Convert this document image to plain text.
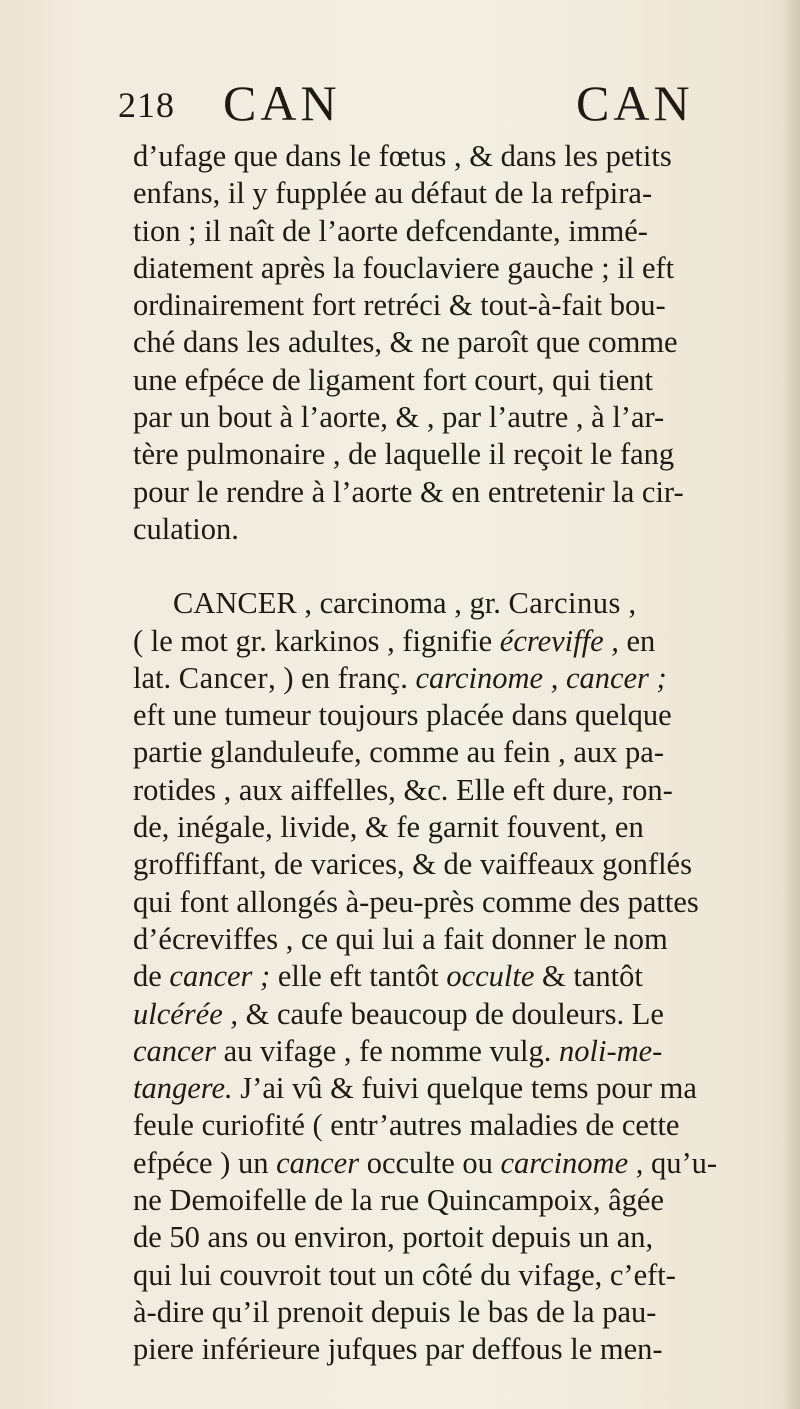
218 CAN	CAN
d’ufage que dans le fœtus , & dans les petits
enfans, il y fupplée au défaut de la refpira-
tion ; il naît de l’aorte defcendante, immé-
diatement après la fouclaviere gauche ; il eft
ordinairement fort retréci & tout-à-fait bou-
ché dans les adultes, & ne paroît que comme
une efpéce de ligament fort court, qui tient
par un bout à l’aorte, & , par l’autre , à l’ar-
tère pulmonaire , de laquelle il reçoit le fang
pour le rendre à l’aorte & en entretenir la cir-
culation.
CANCER , carcinoma , gr. Carcinus ,
( le mot gr. karkinos , fignifie écreviffe , en
lat. Cancer, ) en franç. carcinome , cancer ;
eft une tumeur toujours placée dans quelque
partie glanduleufe, comme au fein , aux pa-
rotides , aux aiffelles, &c. Elle eft dure, ron-
de, inégale, livide, & fe garnit fouvent, en
groffiffant, de varices, & de vaiffeaux gonflés
qui font allongés à-peu-près comme des pattes
d’écreviffes , ce qui lui a fait donner le nom
de cancer ; elle eft tantôt occulte & tantôt
ulcérée , & caufe beaucoup de douleurs. Le
cancer au vifage , fe nomme vulg. noli-me-
tangere. J’ai vû & fuivi quelque tems pour ma
feule curiofité ( entr’autres maladies de cette
efpéce ) un cancer occulte ou carcinome , qu’u-
ne Demoifelle de la rue Quincampoix, âgée
de 50 ans ou environ, portoit depuis un an,
qui lui couvroit tout un côté du vifage, c’eft-
à-dire qu’il prenoit depuis le bas de la pau-
piere inférieure jufques par deffous le men-
